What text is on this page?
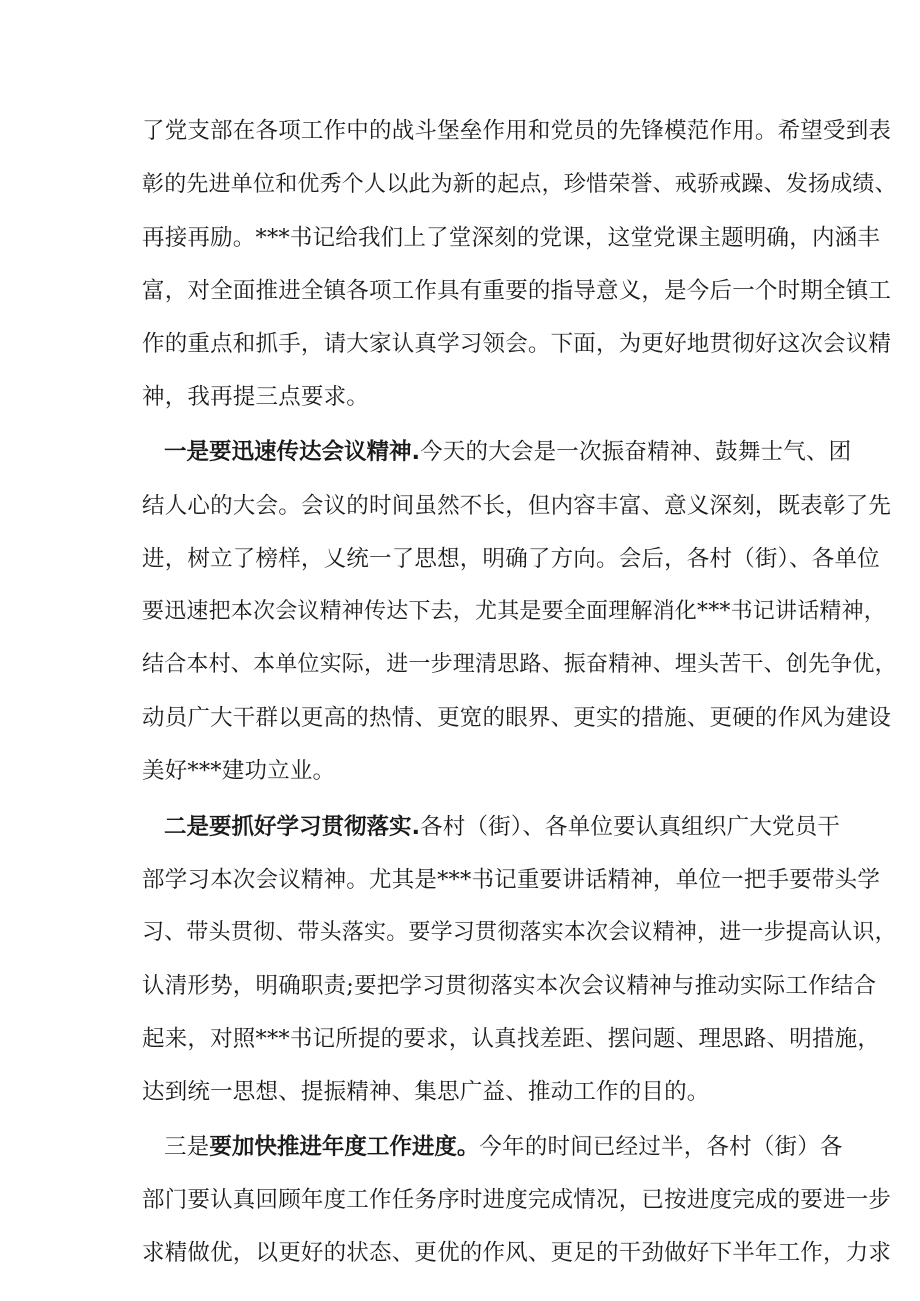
了党支部在各项工作中的战斗堡垒作用和党员的先锋模范作用。希望受到表
彰的先进单位和优秀个人以此为新的起点，珍惜荣誉、戒骄戒躁、发扬成绩、
再接再励。***书记给我们上了堂深刻的党课，这堂党课主题明确，内涵丰
富，对全面推进全镇各项工作具有重要的指导意义，是今后一个时期全镇工
作的重点和抓手，请大家认真学习领会。下面，为更好地贯彻好这次会议精
神，我再提三点要求。
一是要迅速传达会议精神.今天的大会是一次振奋精神、鼓舞士气、团
结人心的大会。会议的时间虽然不长，但内容丰富、意义深刻，既表彰了先
进，树立了榜样，乂统一了思想，明确了方向。会后，各村（街）、各单位
要迅速把本次会议精神传达下去，尤其是要全面理解消化***书记讲话精神，
结合本村、本单位实际，进一步理清思路、振奋精神、埋头苦干、创先争优，
动员广大干群以更高的热情、更宽的眼界、更实的措施、更硬的作风为建设
美好***建功立业。
二是要抓好学习贯彻落实.各村（街）、各单位要认真组织广大党员干
部学习本次会议精神。尤其是***书记重要讲话精神，单位一把手要带头学
习、带头贯彻、带头落实。要学习贯彻落实本次会议精神，进一步提高认识，
认清形势，明确职责;要把学习贯彻落实本次会议精神与推动实际工作结合
起来，对照***书记所提的要求，认真找差距、摆问题、理思路、明措施，
达到统一思想、提振精神、集思广益、推动工作的目的。
三是要加快推进年度工作进度。今年的时间已经过半，各村（街）各
部门要认真回顾年度工作任务序时进度完成情况，已按进度完成的要进一步
求精做优，以更好的状态、更优的作风、更足的干劲做好下半年工作，力求
